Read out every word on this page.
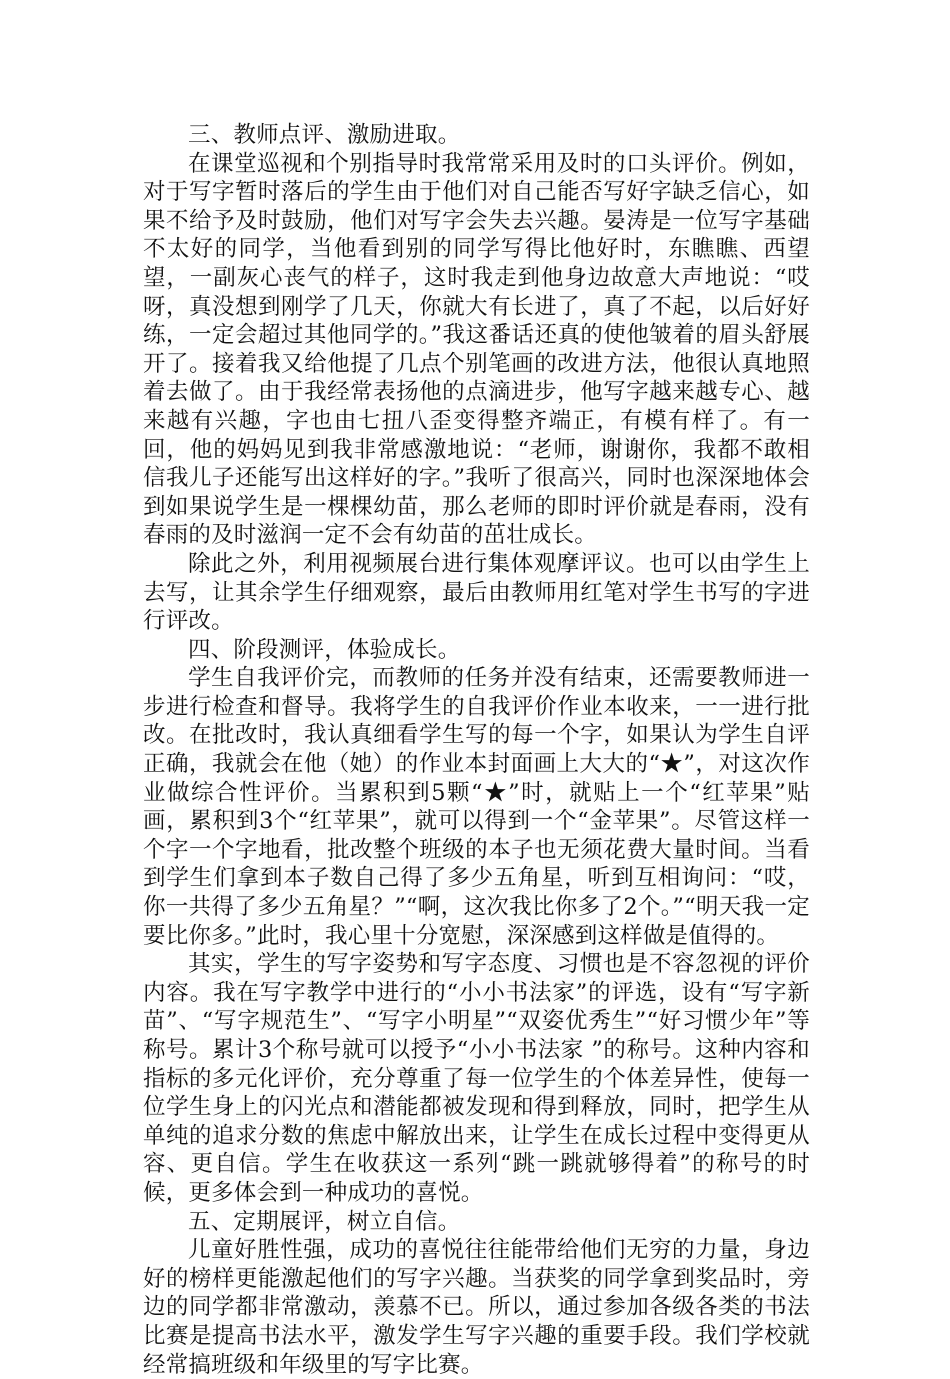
三、教师点评、激励进取。

在课堂巡视和个别指导时我常常采用及时的口头评价。例如，对于写字暂时落后的学生由于他们对自己能否写好字缺乏信心，如果不给予及时鼓励，他们对写字会失去兴趣。晏涛是一位写字基础不太好的同学，当他看到别的同学写得比他好时，东瞧瞧、西望望，一副灰心丧气的样子，这时我走到他身边故意大声地说：“哎呀，真没想到刚学了几天，你就大有长进了，真了不起，以后好好练，一定会超过其他同学的。”我这番话还真的使他皱着的眉头舒展开了。接着我又给他提了几点个别笔画的改进方法，他很认真地照着去做了。由于我经常表扬他的点滴进步，他写字越来越专心、越来越有兴趣，字也由七扭八歪变得整齐端正，有模有样了。有一回，他的妈妈见到我非常感激地说：“老师，谢谢你，我都不敢相信我儿子还能写出这样好的字。”我听了很高兴，同时也深深地体会到如果说学生是一棵棵幼苗，那么老师的即时评价就是春雨，没有春雨的及时滋润一定不会有幼苗的茁壮成长。

除此之外，利用视频展台进行集体观摩评议。也可以由学生上去写，让其余学生仔细观察，最后由教师用红笔对学生书写的字进行评改。

四、阶段测评，体验成长。

学生自我评价完，而教师的任务并没有结束，还需要教师进一步进行检查和督导。我将学生的自我评价作业本收来，一一进行批改。在批改时，我认真细看学生写的每一个字，如果认为学生自评正确，我就会在他（她）的作业本封面画上大大的“★”，对这次作业做综合性评价。当累积到5颗“★”时，就贴上一个“红苹果”贴画，累积到3个“红苹果”，就可以得到一个“金苹果”。尽管这样一个字一个字地看，批改整个班级的本子也无须花费大量时间。当看到学生们拿到本子数自己得了多少五角星，听到互相询问：“哎，你一共得了多少五角星？”“啊，这次我比你多了2个。”“明天我一定要比你多。”此时，我心里十分宽慰，深深感到这样做是值得的。

其实，学生的写字姿势和写字态度、习惯也是不容忽视的评价内容。我在写字教学中进行的“小小书法家”的评选，设有“写字新苗”、“写字规范生”、“写字小明星”“双姿优秀生”“好习惯少年”等称号。累计3个称号就可以授予“小小书法家 ”的称号。这种内容和指标的多元化评价，充分尊重了每一位学生的个体差异性，使每一位学生身上的闪光点和潜能都被发现和得到释放，同时，把学生从单纯的追求分数的焦虑中解放出来，让学生在成长过程中变得更从容、更自信。学生在收获这一系列“跳一跳就够得着”的称号的时候，更多体会到一种成功的喜悦。

五、定期展评，树立自信。

儿童好胜性强，成功的喜悦往往能带给他们无穷的力量，身边好的榜样更能激起他们的写字兴趣。当获奖的同学拿到奖品时，旁边的同学都非常激动，羡慕不已。所以，通过参加各级各类的书法比赛是提高书法水平，激发学生写字兴趣的重要手段。我们学校就经常搞班级和年级里的写字比赛。
